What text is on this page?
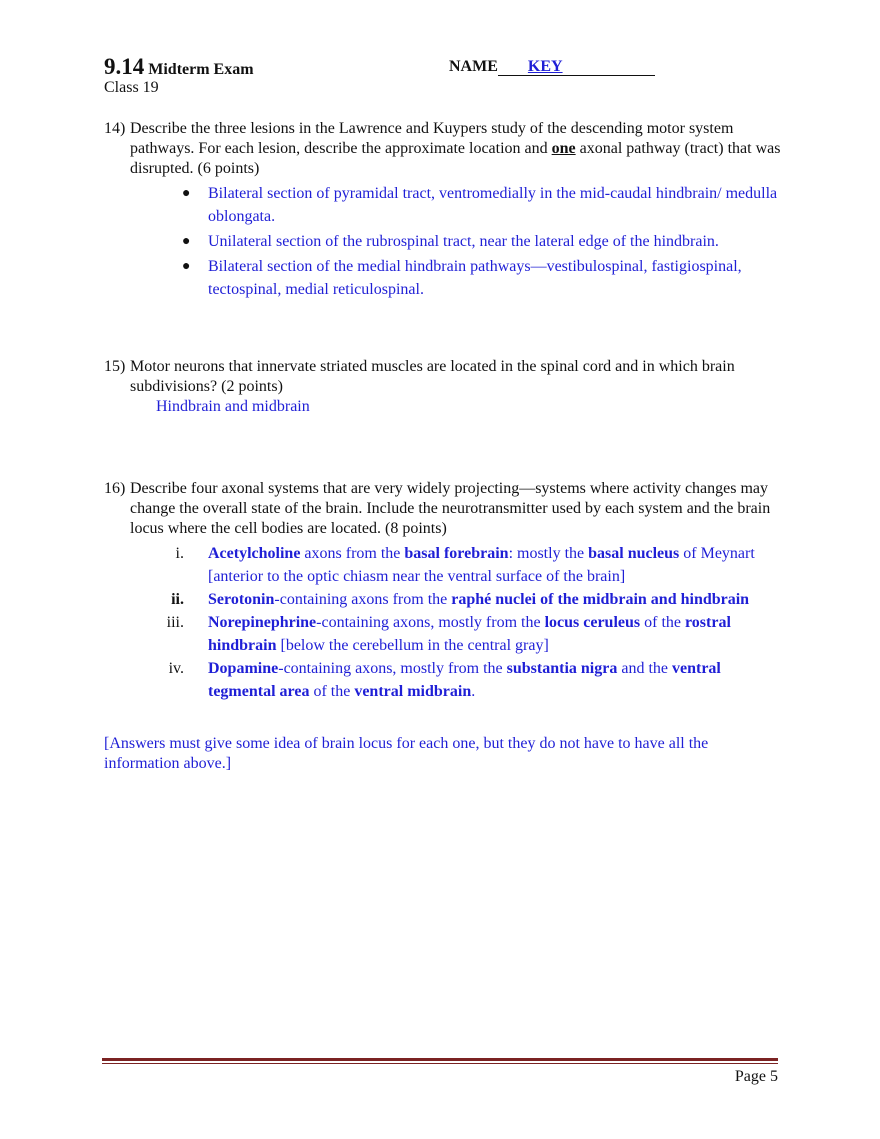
9.14 Midterm Exam
Class 19
NAME KEY
14) Describe the three lesions in the Lawrence and Kuypers study of the descending motor system pathways. For each lesion, describe the approximate location and one axonal pathway (tract) that was disrupted. (6 points)
● Bilateral section of pyramidal tract, ventromedially in the mid-caudal hindbrain/ medulla oblongata.
● Unilateral section of the rubrospinal tract, near the lateral edge of the hindbrain.
● Bilateral section of the medial hindbrain pathways—vestibulospinal, fastigiospinal, tectospinal, medial reticulospinal.
15) Motor neurons that innervate striated muscles are located in the spinal cord and in which brain subdivisions? (2 points)
Hindbrain and midbrain
16) Describe four axonal systems that are very widely projecting—systems where activity changes may change the overall state of the brain. Include the neurotransmitter used by each system and the brain locus where the cell bodies are located. (8 points)
i. Acetylcholine axons from the basal forebrain: mostly the basal nucleus of Meynart [anterior to the optic chiasm near the ventral surface of the brain]
ii. Serotonin-containing axons from the raphé nuclei of the midbrain and hindbrain
iii. Norepinephrine-containing axons, mostly from the locus ceruleus of the rostral hindbrain [below the cerebellum in the central gray]
iv. Dopamine-containing axons, mostly from the substantia nigra and the ventral tegmental area of the ventral midbrain.
[Answers must give some idea of brain locus for each one, but they do not have to have all the information above.]
Page 5
